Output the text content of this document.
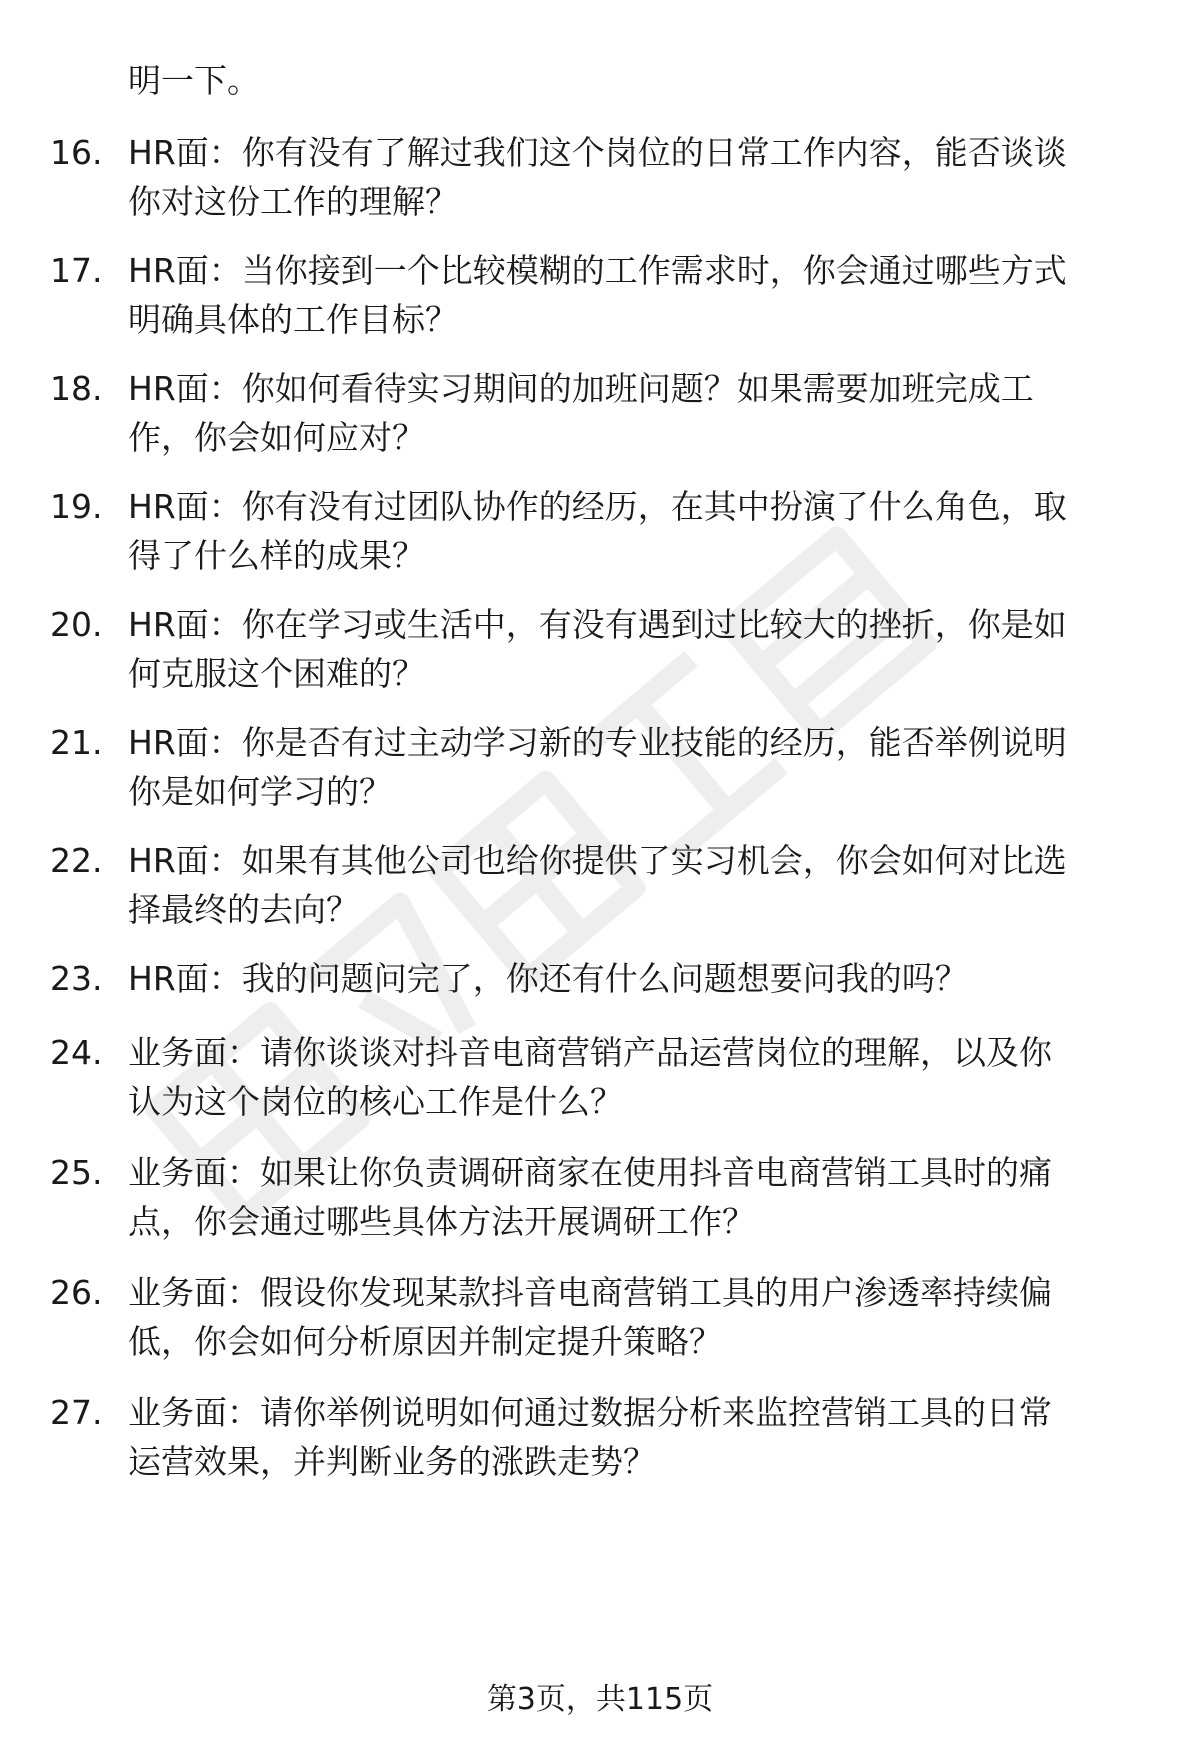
明一下。
16. HR面：你有没有了解过我们这个岗位的日常工作内容，能否谈谈
你对这份工作的理解？
17. HR面：当你接到一个比较模糊的工作需求时，你会通过哪些方式
明确具体的工作目标？
18. HR面：你如何看待实习期间的加班问题？如果需要加班完成工
作，你会如何应对？
19. HR面：你有没有过团队协作的经历，在其中扮演了什么角色，取
得了什么样的成果？
20. HR面：你在学习或生活中，有没有遇到过比较大的挫折，你是如
何克服这个困难的？
21. HR面：你是否有过主动学习新的专业技能的经历，能否举例说明
你是如何学习的？
22. HR面：如果有其他公司也给你提供了实习机会，你会如何对比选
择最终的去向？
23. HR面：我的问题问完了，你还有什么问题想要问我的吗？
24. 业务面：请你谈谈对抖音电商营销产品运营岗位的理解，以及你
认为这个岗位的核心工作是什么？
25. 业务面：如果让你负责调研商家在使用抖音电商营销工具时的痛
点，你会通过哪些具体方法开展调研工作？
26. 业务面：假设你发现某款抖音电商营销工具的用户渗透率持续偏
低，你会如何分析原因并制定提升策略？
27. 业务面：请你举例说明如何通过数据分析来监控营销工具的日常
运营效果，并判断业务的涨跌走势？
第3页，共115页
